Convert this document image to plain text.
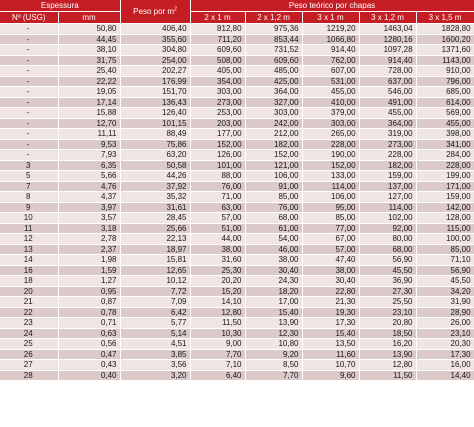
Espessura		Peso por $m^2$	Peso teórico por chapas				
Nº (USG)	mm		2 x 1 m	2 x 1,2 m	3 x 1 m	3 x 1,2 m	3 x 1,5 m
-	50,80	406,40	812,80	975,36	1219,20	1463,04	1828,80
-	44,45	355,60	711,20	853,44	1066,80	1280,16	1600,20
-	38,10	304,80	609,60	731,52	914,40	1097,28	1371,60
-	31,75	254,00	508,00	609,60	762,00	914,40	1143,00
-	25,40	202,27	405,00	485,00	607,00	728,00	910,00
-	22,22	176,99	354,00	425,00	531,00	637,00	796,00
-	19,05	151,70	303,00	364,00	455,00	546,00	685,00
-	17,14	136,43	273,00	327,00	410,00	491,00	614,00
-	15,88	126,40	253,00	303,00	379,00	455,00	569,00
-	12,70	101,15	203,00	242,00	303,00	364,00	455,00
-	11,11	88,49	177,00	212,00	265,00	319,00	398,00
-	9,53	75,86	152,00	182,00	228,00	273,00	341,00
-	7,93	63,20	126,00	152,00	190,00	228,00	284,00
3	6,35	50,58	101,00	121,00	152,00	182,00	228,00
5	5,66	44,26	88,00	106,00	133,00	159,00	199,00
7	4,76	37,92	76,00	91,00	114,00	137,00	171,00
8	4,37	35,32	71,00	85,00	106,00	127,00	159,00
9	3,97	31,61	63,00	76,00	95,00	114,00	142,00
10	3,57	28,45	57,00	68,00	85,00	102,00	128,00
11	3,18	25,66	51,00	61,00	77,00	92,00	115,00
12	2,78	22,13	44,00	54,00	67,00	80,00	100,00
13	2,37	18,97	38,00	46,00	57,00	68,00	85,00
14	1,98	15,81	31,60	38,00	47,40	56,90	71,10
16	1,59	12,65	25,30	30,40	38,00	45,50	56,90
18	1,27	10,12	20,20	24,30	30,40	36,90	45,50
20	0,95	7,72	15,20	18,20	22,80	27,30	34,20
21	0,87	7,09	14,10	17,00	21,30	25,50	31,90
22	0,78	6,42	12,80	15,40	19,30	23,10	28,90
23	0,71	5,77	11,50	13,90	17,30	20,80	26,00
24	0,63	5,14	10,30	12,30	15,40	18,50	23,10
25	0,56	4,51	9,00	10,80	13,50	16,20	20,30
26	0,47	3,85	7,70	9,20	11,60	13,90	17,30
27	0,43	3,56	7,10	8,50	10,70	12,80	16,00
28	0,40	3,20	6,40	7,70	9,60	11,50	14,40
